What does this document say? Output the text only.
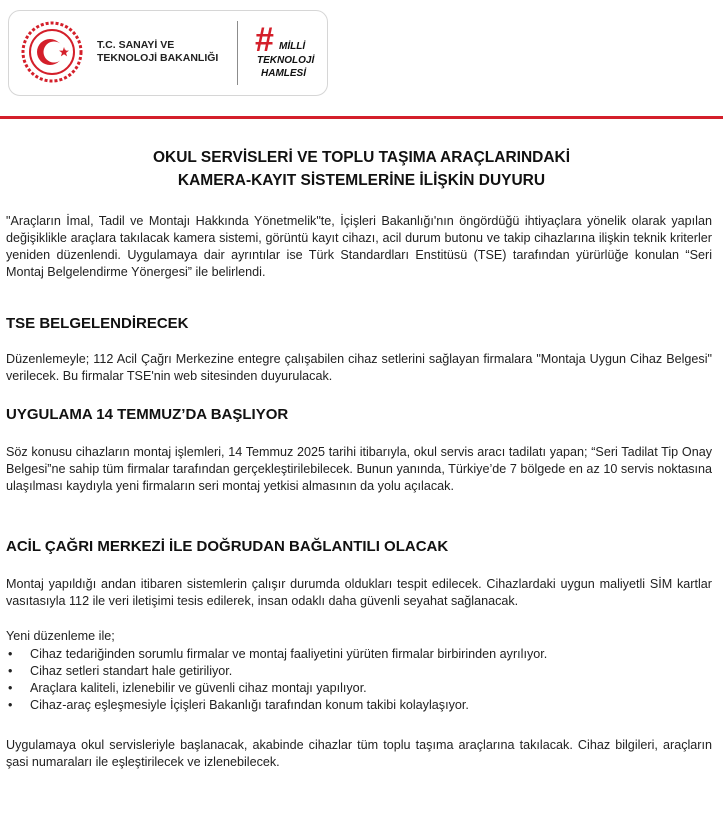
T.C. SANAYİ VE
TEKNOLOJİ BAKANLIĞI # MİLLİ
TEKNOLOJİ
HAMLESİ
OKUL SERVİSLERİ VE TOPLU TAŞIMA ARAÇLARINDAKİ
KAMERA-KAYIT SİSTEMLERİNE İLİŞKİN DUYURU

"Araçların İmal, Tadil ve Montajı Hakkında Yönetmelik"te, İçişleri Bakanlığı'nın öngördüğü ihtiyaçlara yönelik olarak yapılan değişiklikle araçlara takılacak kamera sistemi, görüntü kayıt cihazı, acil durum butonu ve takip cihazlarına ilişkin teknik kriterler yeniden düzenlendi. Uygulamaya dair ayrıntılar ise Türk Standardları Enstitüsü (TSE) tarafından yürürlüğe konulan “Seri Montaj Belgelendirme Yönergesi” ile belirlendi.

TSE BELGELENDİRECEK

Düzenlemeyle; 112 Acil Çağrı Merkezine entegre çalışabilen cihaz setlerini sağlayan firmalara "Montaja Uygun Cihaz Belgesi" verilecek. Bu firmalar TSE'nin web sitesinden duyurulacak.

UYGULAMA 14 TEMMUZ’DA BAŞLIYOR

Söz konusu cihazların montaj işlemleri, 14 Temmuz 2025 tarihi itibarıyla, okul servis aracı tadilatı yapan; “Seri Tadilat Tip Onay Belgesi”ne sahip tüm firmalar tarafından gerçekleştirilebilecek. Bunun yanında, Türkiye’de 7 bölgede en az 10 servis noktasına ulaşılması kaydıyla yeni firmaların seri montaj yetkisi almasının da yolu açılacak.

ACİL ÇAĞRI MERKEZİ İLE DOĞRUDAN BAĞLANTILI OLACAK

Montaj yapıldığı andan itibaren sistemlerin çalışır durumda oldukları tespit edilecek. Cihazlardaki uygun maliyetli SİM kartlar vasıtasıyla 112 ile veri iletişimi tesis edilerek, insan odaklı daha güvenli seyahat sağlanacak.

Yeni düzenleme ile;

• Cihaz tedariğinden sorumlu firmalar ve montaj faaliyetini yürüten firmalar birbirinden ayrılıyor.
• Cihaz setleri standart hale getiriliyor.
• Araçlara kaliteli, izlenebilir ve güvenli cihaz montajı yapılıyor.
• Cihaz-araç eşleşmesiyle İçişleri Bakanlığı tarafından konum takibi kolaylaşıyor.

Uygulamaya okul servisleriyle başlanacak, akabinde cihazlar tüm toplu taşıma araçlarına takılacak. Cihaz bilgileri, araçların şasi numaraları ile eşleştirilecek ve izlenebilecek.
